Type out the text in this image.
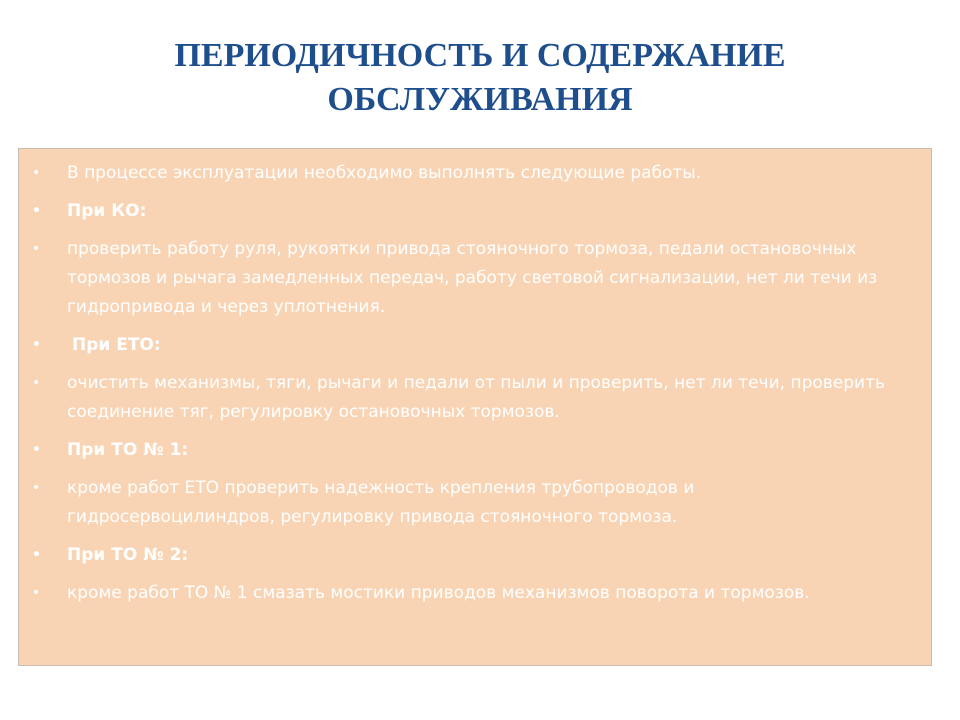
ПЕРИОДИЧНОСТЬ И СОДЕРЖАНИЕ
ОБСЛУЖИВАНИЯ
• В процессе эксплуатации необходимо выполнять следующие работы.
• При КО:
• проверить работу руля, рукоятки привода стояночного тормоза, педали остановочных тормозов и рычага замедленных передач, работу световой сигнализации, нет ли течи из гидропривода и через уплотнения.
• При ЕТО:
• очистить механизмы, тяги, рычаги и педали от пыли и проверить, нет ли течи, проверить соединение тяг, регулировку остановочных тормозов.
• При ТО № 1:
• кроме работ ЕТО проверить надежность крепления трубопроводов и гидросервоцилиндров, регулировку привода стояночного тормоза.
• При ТО № 2:
• кроме работ ТО № 1 смазать мостики приводов механизмов поворота и тормозов.
